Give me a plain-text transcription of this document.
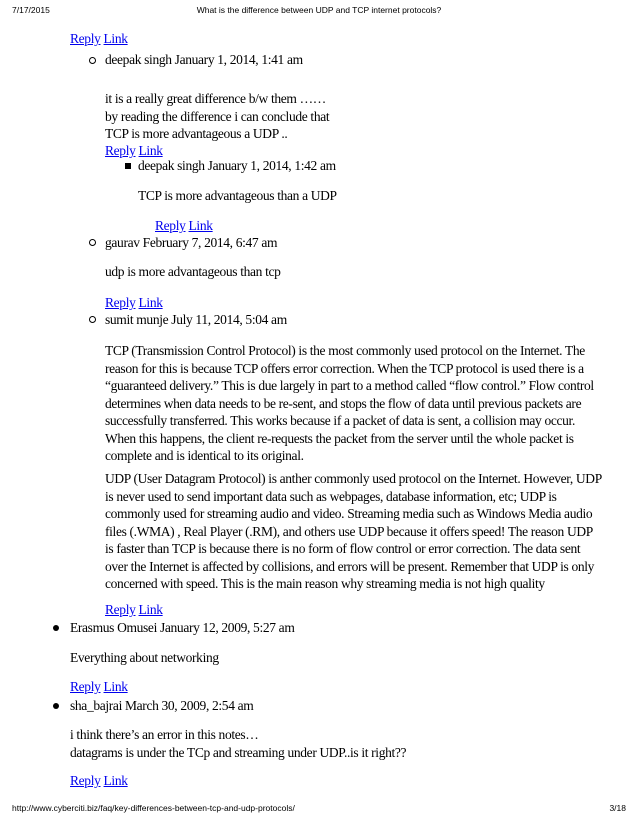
7/17/2015	What is the difference between UDP and TCP internet protocols?
Reply Link
deepak singh January 1, 2014, 1:41 am
it is a really great difference b/w them ……
by reading the difference i can conclude that
TCP is more advantageous a UDP ..
Reply Link
deepak singh January 1, 2014, 1:42 am
TCP is more advantageous than a UDP
Reply Link
gaurav February 7, 2014, 6:47 am
udp is more advantageous than tcp
Reply Link
sumit munje July 11, 2014, 5:04 am
TCP (Transmission Control Protocol) is the most commonly used protocol on the Internet. The
reason for this is because TCP offers error correction. When the TCP protocol is used there is a
“guaranteed delivery.” This is due largely in part to a method called “flow control.” Flow control
determines when data needs to be re-sent, and stops the flow of data until previous packets are
successfully transferred. This works because if a packet of data is sent, a collision may occur.
When this happens, the client re-requests the packet from the server until the whole packet is
complete and is identical to its original.
UDP (User Datagram Protocol) is anther commonly used protocol on the Internet. However, UDP
is never used to send important data such as webpages, database information, etc; UDP is
commonly used for streaming audio and video. Streaming media such as Windows Media audio
files (.WMA) , Real Player (.RM), and others use UDP because it offers speed! The reason UDP
is faster than TCP is because there is no form of flow control or error correction. The data sent
over the Internet is affected by collisions, and errors will be present. Remember that UDP is only
concerned with speed. This is the main reason why streaming media is not high quality
Reply Link
Erasmus Omusei January 12, 2009, 5:27 am
Everything about networking
Reply Link
sha_bajrai March 30, 2009, 2:54 am
i think there’s an error in this notes…
datagrams is under the TCp and streaming under UDP..is it right??
Reply Link
http://www.cyberciti.biz/faq/key-differences-between-tcp-and-udp-protocols/	3/18
